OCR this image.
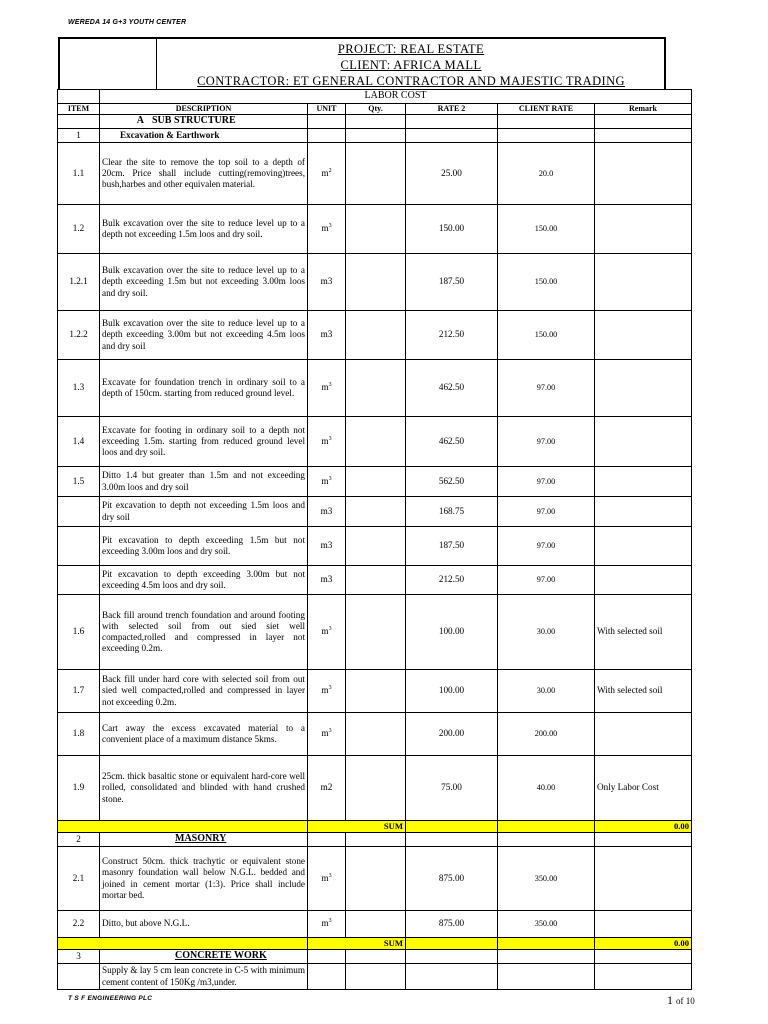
WEREDA 14 G+3 YOUTH CENTER
PROJECT: REAL ESTATE
CLIENT: AFRICA MALL
CONTRACTOR: ET GENERAL CONTRACTOR AND MAJESTIC TRADING
	LABOR COST					
ITEM	DESCRIPTION	UNIT	Qty.	RATE 2	CLIENT RATE	Remark
	A SUB STRUCTURE					
1	Excavation & Earthwork					
1.1	Clear the site to remove the top soil to a depth of 20cm. Price shall include cutting(removing)trees, bush,harbes and other equivalen material.	$m^2$		25.00	20.0	
1.2	Bulk excavation over the site to reduce level up to a depth not exceeding 1.5m loos and dry soil.	$m^3$		150.00	150.00	
1.2.1	Bulk excavation over the site to reduce level up to a depth exceeding 1.5m but not exceeding 3.00m loos and dry soil.	m3		187.50	150.00	
1.2.2	Bulk excavation over the site to reduce level up to a depth exceeding 3.00m but not exceeding 4.5m loos and dry soil	m3		212.50	150.00	
1.3	Excavate for foundation trench in ordinary soil to a depth of 150cm. starting from reduced ground level.	$m^3$		462.50	97.00	
1.4	Excavate for footing in ordinary soil to a depth not exceeding 1.5m. starting from reduced ground level loos and dry soil.	$m^3$		462.50	97.00	
1.5	Ditto 1.4 but greater than 1.5m and not exceeding 3.00m loos and dry soil	$m^3$		562.50	97.00	
	Pit excavation to depth not exceeding 1.5m loos and dry soil	m3		168.75	97.00	
	Pit excavation to depth exceeding 1.5m but not exceeding 3.00m loos and dry soil.	m3		187.50	97.00	
	Pit excavation to depth exceeding 3.00m but not exceeding 4.5m loos and dry soil.	m3		212.50	97.00	
1.6	Back fill around trench foundation and around footing with selected soil from out sied siet well compacted,rolled and compressed in layer not exceeding 0.2m.	$m^3$		100.00	30.00	With selected soil
1.7	Back fill under hard core with selected soil from out sied well compacted,rolled and compressed in layer not exceeding 0.2m.	$m^3$		100.00	30.00	With selected soil
1.8	Cart away the excess excavated material to a convenient place of a maximum distance 5kms.	$m^3$		200.00	200.00	
1.9	25cm. thick basaltic stone or equivalent hard-core well rolled, consolidated and blinded with hand crushed stone.	m2		75.00	40.00	Only Labor Cost
		SUM				0.00
2	MASONRY					
2.1	Construct 50cm. thick trachytic or equivalent stone masonry foundation wall below N.G.L. bedded and joined in cement mortar (1:3). Price shall include mortar bed.	$m^3$		875.00	350.00	
2.2	Ditto, but above N.G.L.	$m^3$		875.00	350.00	
		SUM				0.00
3	CONCRETE WORK					
	Supply & lay 5 cm lean concrete in C-5 with minimum cement content of 150Kg /m3,under.					
T S F ENGINEERING PLC	1 of 10
